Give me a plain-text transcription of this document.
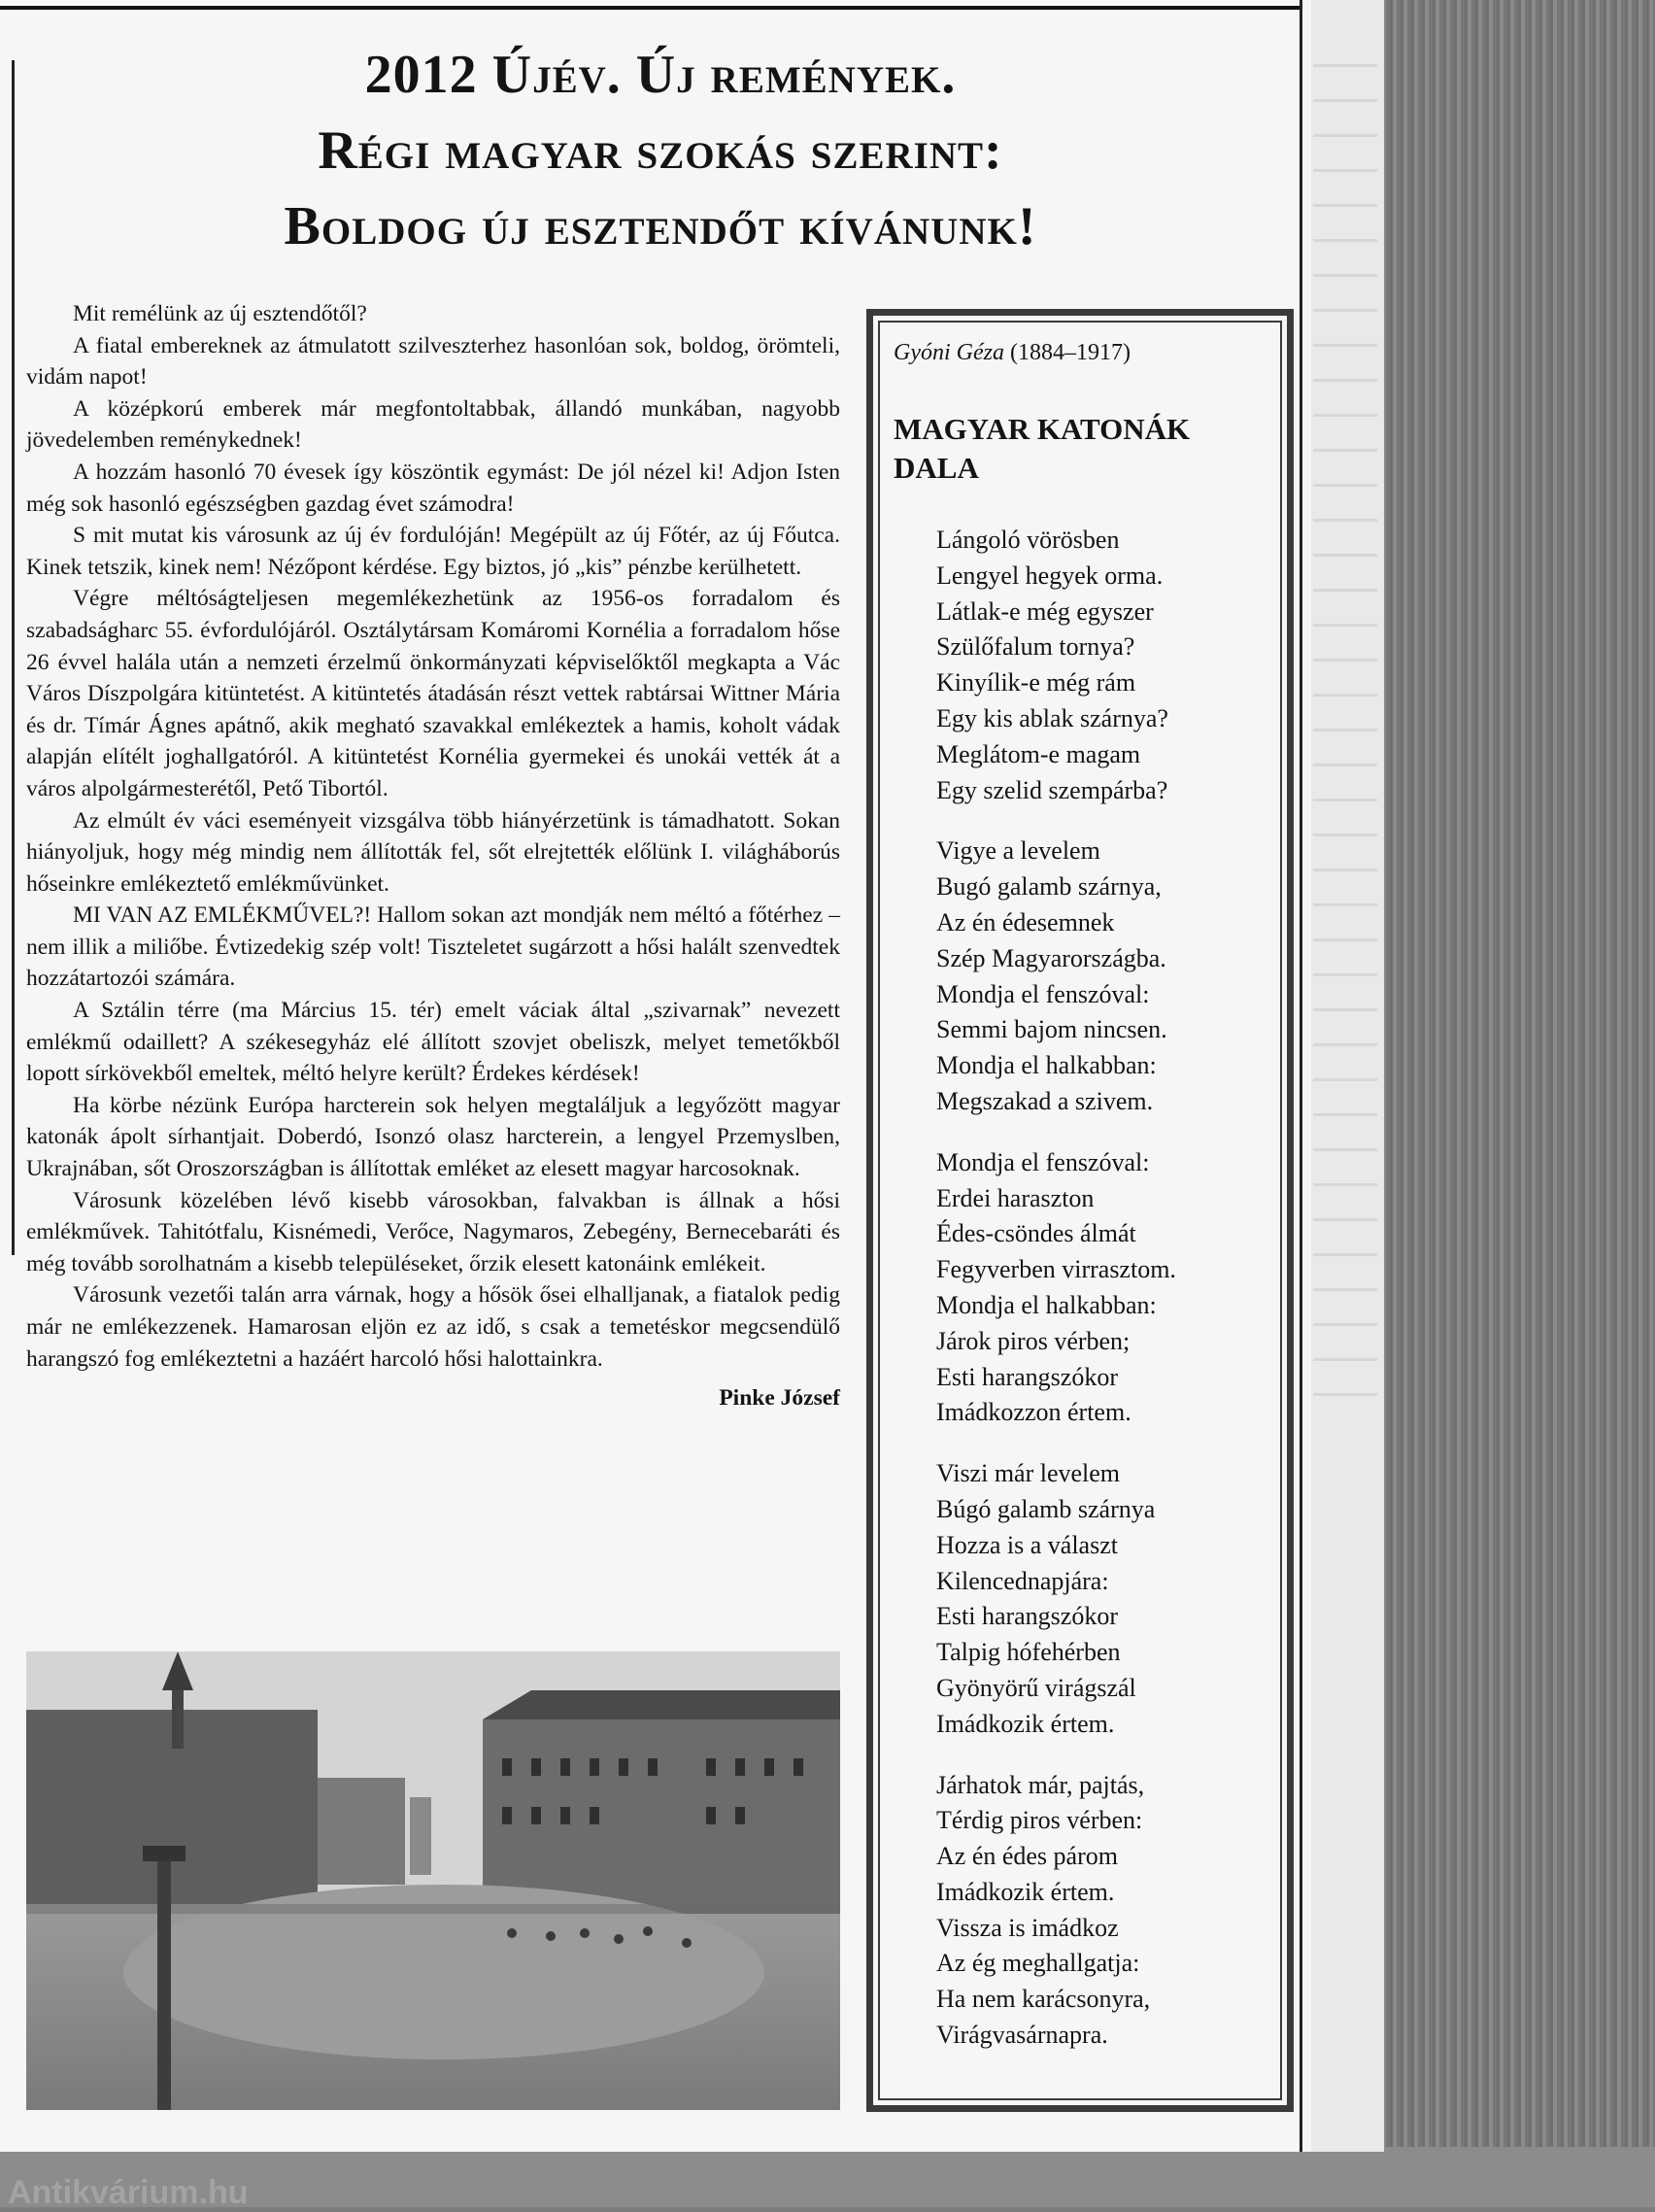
2012 Újév. Új remények.
Régi magyar szokás szerint:
Boldog új esztendőt kívánunk!

Mit remélünk az új esztendőtől?

A fiatal embereknek az átmulatott szilveszterhez hasonlóan sok, boldog, örömteli, vidám napot!

A középkorú emberek már megfontoltabbak, állandó munkában, nagyobb jövedelemben reménykednek!

A hozzám hasonló 70 évesek így köszöntik egymást: De jól nézel ki! Adjon Isten még sok hasonló egészségben gazdag évet számodra!

S mit mutat kis városunk az új év fordulóján! Megépült az új Főtér, az új Főutca. Kinek tetszik, kinek nem! Nézőpont kérdése. Egy biztos, jó „kis” pénzbe kerülhetett.

Végre méltóságteljesen megemlékezhetünk az 1956-os forradalom és szabadságharc 55. évfordulójáról. Osztálytársam Komáromi Kornélia a forradalom hőse 26 évvel halála után a nemzeti érzelmű önkormányzati képviselőktől megkapta a Vác Város Díszpolgára kitüntetést. A kitüntetés átadásán részt vettek rabtársai Wittner Mária és dr. Tímár Ágnes apátnő, akik megható szavakkal emlékeztek a hamis, koholt vádak alapján elítélt joghallgatóról. A kitüntetést Kornélia gyermekei és unokái vették át a város alpolgármesterétől, Pető Tibortól.

Az elmúlt év váci eseményeit vizsgálva több hiányérzetünk is támadhatott. Sokan hiányoljuk, hogy még mindig nem állították fel, sőt elrejtették előlünk I. világháborús hőseinkre emlékeztető emlékművünket.

MI VAN AZ EMLÉKMŰVEL?! Hallom sokan azt mondják nem méltó a főtérhez – nem illik a miliőbe. Évtizedekig szép volt! Tiszteletet sugárzott a hősi halált szenvedtek hozzátartozói számára.

A Sztálin térre (ma Március 15. tér) emelt váciak által „szivarnak” nevezett emlékmű odaillett? A székesegyház elé állított szovjet obeliszk, melyet temetőkből lopott sírkövekből emeltek, méltó helyre került? Érdekes kérdések!

Ha körbe nézünk Európa harcterein sok helyen megtaláljuk a legyőzött magyar katonák ápolt sírhantjait. Doberdó, Isonzó olasz harcterein, a lengyel Przemyslben, Ukrajnában, sőt Oroszországban is állítottak emléket az elesett magyar harcosoknak.

Városunk közelében lévő kisebb városokban, falvakban is állnak a hősi emlékművek. Tahitótfalu, Kisnémedi, Verőce, Nagymaros, Zebegény, Bernecebaráti és még tovább sorolhatnám a kisebb településeket, őrzik elesett katonáink emlékeit.

Városunk vezetői talán arra várnak, hogy a hősök ősei elhalljanak, a fiatalok pedig már ne emlékezzenek. Hamarosan eljön ez az idő, s csak a temetéskor megcsendülő harangszó fog emlékeztetni a hazáért harcoló hősi halottainkra.

Pinke József

Gyóni Géza (1884–1917)
MAGYAR KATONÁK DALA
Lángoló vörösben
Lengyel hegyek orma.
Látlak-e még egyszer
Szülőfalum tornya?
Kinyílik-e még rám
Egy kis ablak szárnya?
Meglátom-e magam
Egy szelid szempárba?
Vigye a levelem
Bugó galamb szárnya,
Az én édesemnek
Szép Magyarországba.
Mondja el fenszóval:
Semmi bajom nincsen.
Mondja el halkabban:
Megszakad a szivem.
Mondja el fenszóval:
Erdei haraszton
Édes-csöndes álmát
Fegyverben virrasztom.
Mondja el halkabban:
Járok piros vérben;
Esti harangszókor
Imádkozzon értem.
Viszi már levelem
Búgó galamb szárnya
Hozza is a választ
Kilencednapjára:
Esti harangszókor
Talpig hófehérben
Gyönyörű virágszál
Imádkozik értem.
Járhatok már, pajtás,
Térdig piros vérben:
Az én édes párom
Imádkozik értem.
Vissza is imádkoz
Az ég meghallgatja:
Ha nem karácsonyra,
Virágvasárnapra.
Antikvárium.hu
